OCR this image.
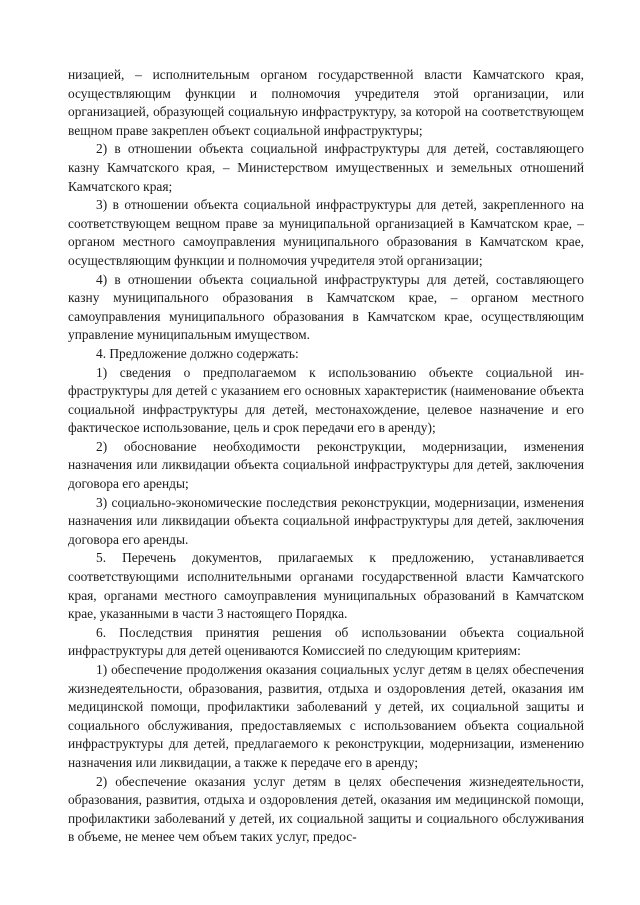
низацией, – исполнительным органом государственной власти Камчатского края, осуществляющим функции и полномочия учредителя этой организации, или организацией, образующей социальную инфраструктуру, за которой на соответствующем вещном праве закреплен объект социальной инфраструктуры;

2) в отношении объекта социальной инфраструктуры для детей, составляющего казну Камчатского края, – Министерством имущественных и земельных отношений Камчатского края;

3) в отношении объекта социальной инфраструктуры для детей, закрепленного на соответствующем вещном праве за муниципальной организацией в Камчатском крае, – органом местного самоуправления муниципального образования в Камчатском крае, осуществляющим функции и полномочия учредителя этой организации;

4) в отношении объекта социальной инфраструктуры для детей, составляющего казну муниципального образования в Камчатском крае, – органом местного самоуправления муниципального образования в Камчатском крае, осуществляющим управление муниципальным имуществом.

4. Предложение должно содержать:

1) сведения о предполагаемом к использованию объекте социальной инфраструктуры для детей с указанием его основных характеристик (наименование объекта социальной инфраструктуры для детей, местонахождение, целевое назначение и его фактическое использование, цель и срок передачи его в аренду);

2) обоснование необходимости реконструкции, модернизации, изменения назначения или ликвидации объекта социальной инфраструктуры для детей, заключения договора его аренды;

3) социально-экономические последствия реконструкции, модернизации, изменения назначения или ликвидации объекта социальной инфраструктуры для детей, заключения договора его аренды.

5. Перечень документов, прилагаемых к предложению, устанавливается соответствующими исполнительными органами государственной власти Камчатского края, органами местного самоуправления муниципальных образований в Камчатском крае, указанными в части 3 настоящего Порядка.

6. Последствия принятия решения об использовании объекта социальной инфраструктуры для детей оцениваются Комиссией по следующим критериям:

1) обеспечение продолжения оказания социальных услуг детям в целях обеспечения жизнедеятельности, образования, развития, отдыха и оздоровления детей, оказания им медицинской помощи, профилактики заболеваний у детей, их социальной защиты и социального обслуживания, предоставляемых с использованием объекта социальной инфраструктуры для детей, предлагаемого к реконструкции, модернизации, изменению назначения или ликвидации, а также к передаче его в аренду;

2) обеспечение оказания услуг детям в целях обеспечения жизнедеятельности, образования, развития, отдыха и оздоровления детей, оказания им медицинской помощи, профилактики заболеваний у детей, их социальной защиты и социального обслуживания в объеме, не менее чем объем таких услуг, предос-
